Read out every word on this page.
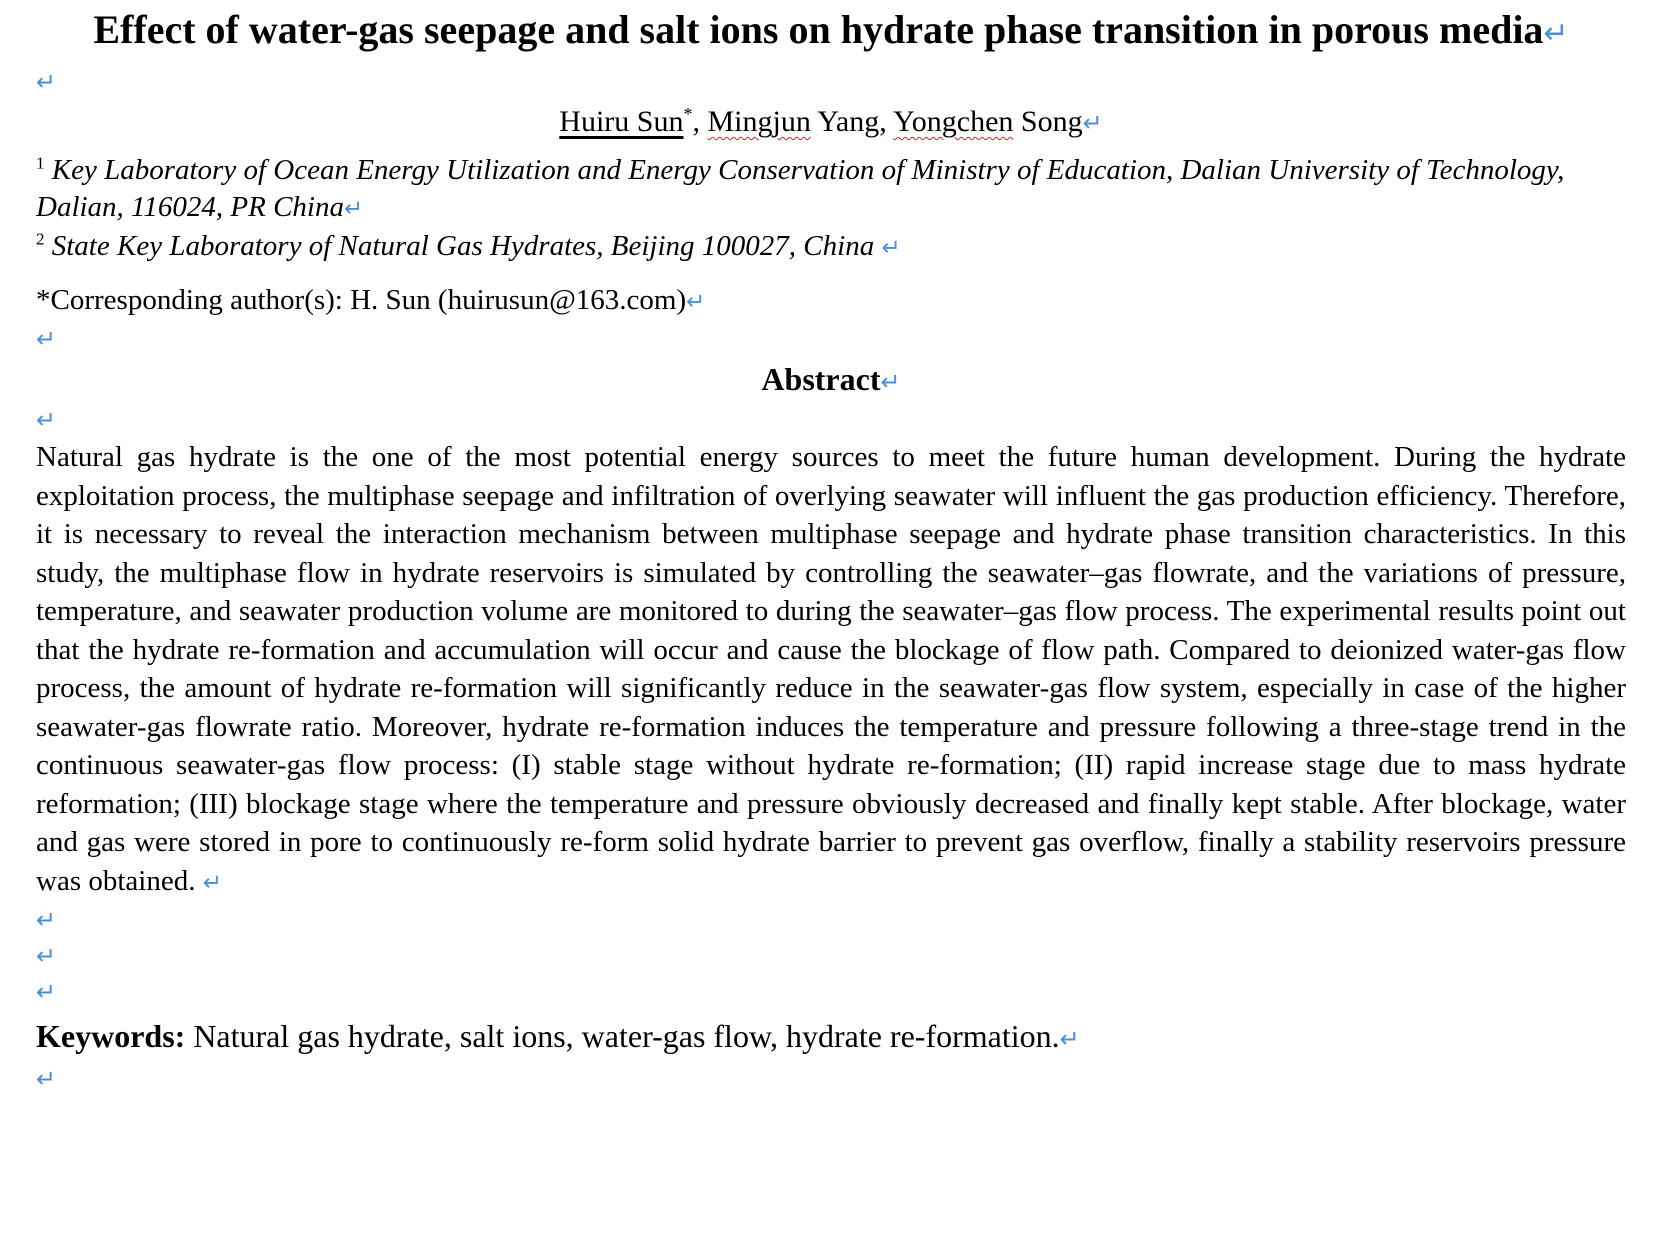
Effect of water-gas seepage and salt ions on hydrate phase transition in porous media↵
↵
Huiru Sun*, Mingjun Yang, Yongchen Song↵
$^1$ Key Laboratory of Ocean Energy Utilization and Energy Conservation of Ministry of Education, Dalian University of Technology, Dalian, 116024, PR China↵
$^2$ State Key Laboratory of Natural Gas Hydrates, Beijing 100027, China ↵
*Corresponding author(s): H. Sun (huirusun@163.com)↵
↵
Abstract↵
↵

Natural gas hydrate is the one of the most potential energy sources to meet the future human development. During the hydrate exploitation process, the multiphase seepage and infiltration of overlying seawater will influent the gas production efficiency. Therefore, it is necessary to reveal the interaction mechanism between multiphase seepage and hydrate phase transition characteristics. In this study, the multiphase flow in hydrate reservoirs is simulated by controlling the seawater–gas flowrate, and the variations of pressure, temperature, and seawater production volume are monitored to during the seawater–gas flow process. The experimental results point out that the hydrate re-formation and accumulation will occur and cause the blockage of flow path. Compared to deionized water-gas flow process, the amount of hydrate re-formation will significantly reduce in the seawater-gas flow system, especially in case of the higher seawater-gas flowrate ratio. Moreover, hydrate re-formation induces the temperature and pressure following a three-stage trend in the continuous seawater-gas flow process: (I) stable stage without hydrate re-formation; (II) rapid increase stage due to mass hydrate reformation; (III) blockage stage where the temperature and pressure obviously decreased and finally kept stable. After blockage, water and gas were stored in pore to continuously re-form solid hydrate barrier to prevent gas overflow, finally a stability reservoirs pressure was obtained. ↵

↵
↵
↵
Keywords: Natural gas hydrate, salt ions, water-gas flow, hydrate re-formation.↵
↵
